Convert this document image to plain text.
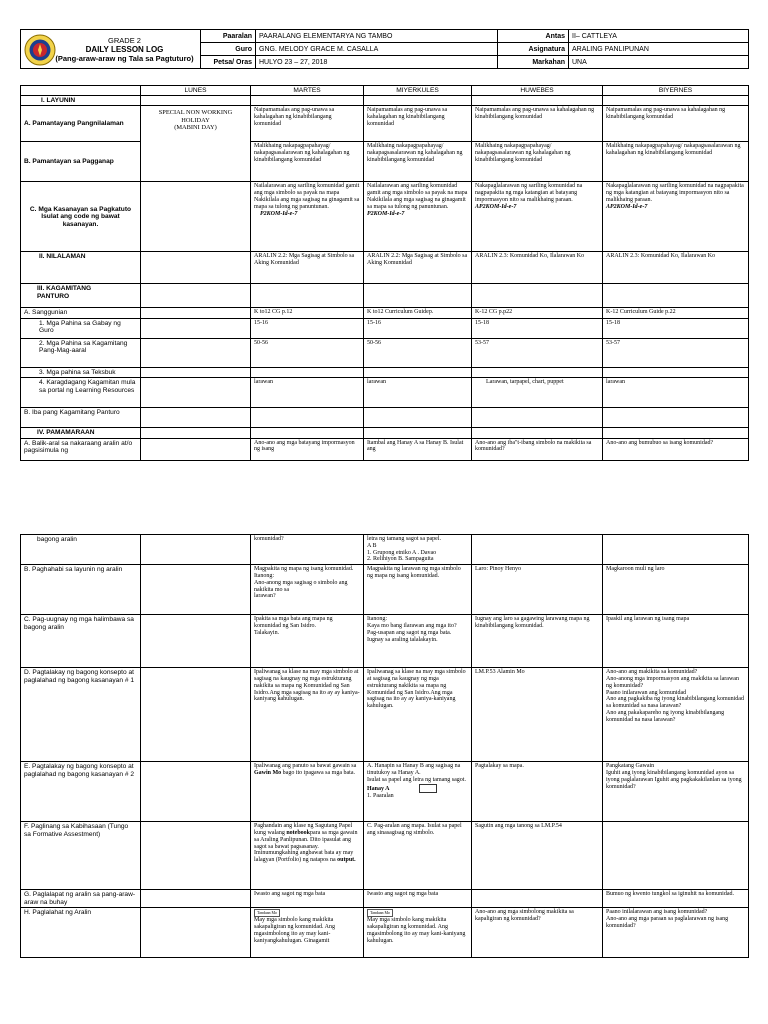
GRADE 2
DAILY LESSON LOG
(Pang-araw-araw ng Tala sa Pagtuturo)	Paaralan	PAARALANG ELEMENTARYA NG TAMBO	Antas	II– CATTLEYA
	Guro	GNG. MELODY GRACE M. CASALLA	Asignatura	ARALING PANLIPUNAN
	Petsa/ Oras	HULYO 23 – 27, 2018	Markahan	UNA
	LUNES	MARTES	MIYERKULES	HUWEBES	BIYERNES
I. LAYUNIN					
A. Pamantayang Pangnilalaman	SPECIAL NON WORKING HOLIDAY
(MABINI DAY)	Naipamamalas ang pag-unawa sa kahalagahan ng kinabibilangang komunidad	Naipamamalas ang pag-unawa sa kahalagahan ng kinabibilangang komunidad	Naipamamalas ang pag-unawa sa kahalagahan ng kinabibilangang komunidad	Naipamamalas ang pag-unawa sa kahalagahan ng kinabibilangang komunidad
B. Pamantayan sa Pagganap		Malikhaing nakapagpapahayag/ nakapagsasalarawan ng kahalagahan ng kinabibilangang komunidad	Malikhaing nakapagpapahayag/ nakapagsasalarawan ng kahalagahan ng kinabibilangang komunidad	Malikhaing nakapagpapahayag/ nakapagsasalarawan ng kahalagahan ng kinabibilangang komunidad	Malikhaing nakapagpapahayag/ nakapagsasalarawan ng kahalagahan ng kinabibilangang komunidad
C. Mga Kasanayan sa Pagkatuto Isulat ang code ng bawat kasanayan.		Nailalarawan ang sariling komunidad gamit ang mga simbolo sa payak na mapa
Nakikilala ang mga sagisag na ginagamit sa mapa sa tulong ng panuntunan.
P2KOM-Id-e-7	Nailalarawan ang sariling komunidad gamit ang mga simbolo sa payak na mapa
Nakikilala ang mga sagisag na ginagamit sa mapa sa tulong ng panuntunan.
P2KOM-Id-e-7	Nakapaglalarawan ng sariling komunidad na nagpapakita ng mga katangian at batayang impormasyon nito sa malikhaing paraan.
AP2KOM-Id-e-7	Nakapaglalarawan ng sariling komunidad na nagpapakita ng mga katangian at batayang impormasyon nito sa malikhaing paraan.
AP2KOM-Id-e-7
II. NILALAMAN		ARALIN 2.2: Mga Sagisag at Simbolo sa Aking Komunidad	ARALIN 2.2: Mga Sagisag at Simbolo sa Aking Komunidad	ARALIN 2.3: Komunidad Ko, Ilalarawan Ko	ARALIN 2.3: Komunidad Ko, Ilalarawan Ko
III. KAGAMITANG PANTURO					
A. Sanggunian		K to12 CG p.12	K to12 Curriculum Guidep.	K-12 CG p.p22	K-12 Curriculum Guide p.22
1. Mga Pahina sa Gabay ng Guro		15-16	15-16	15-18	15-18
2. Mga Pahina sa Kagamitang Pang-Mag-aaral		50-56	50-56	53-57	53-57
3. Mga pahina sa Teksbuk					
4. Karagdagang Kagamitan mula sa portal ng Learning Resources		larawan	larawan	Larawan, tarpapel, chart, puppet	larawan
B. Iba pang Kagamitang Panturo					
IV. PAMAMARAAN					
A. Balik-aral sa nakaraang aralin at/o pagsisimula ng		Ano-ano ang mga batayang impormasyon ng isang	Itambal ang Hanay A sa Hanay B. Isulat ang	Ano-ano ang iba"t-ibang simbolo na makikita sa komunidad?	Ano-ano ang bumubuo sa isang komunidad?
bagong aralin		komunidad?	letra ng tamang sagot sa papel.
A B
1. Grupong etniko A . Davao
2. Relihiyon B. Sampaguita		
B. Paghahabi sa layunin ng aralin		Magpakita ng mapa ng isang komunidad.
Itanong:
Ano-anong mga sagisag o simbolo ang nakikita mo sa
larawan?	Magpakita ng larawan ng mga simbolo ng mapa ng isang komunidad.	Laro: Pinoy Henyo	Magkaroon muli ng laro
C. Pag-uugnay ng mga halimbawa sa bagong aralin		Ipakita sa mga bata ang mapa ng komunidad ng San Isidro.
Talakayin.	Itanong:
Kaya mo bang ilarawan ang mga ito?
Pag-usapan ang sagot ng mga bata.
Iugnay sa araling talalakayin.	Iugnay ang laro sa gagawing larawang mapa ng kinabibilangang komunidad.	Ipaskil ang larawan ng isang mapa
D. Pagtalakay ng bagong konsepto at paglalahad ng bagong kasanayan # 1		Ipaliwanag sa klase na may mga simbolo at sagisag na kaugnay ng mga estrukturang nakikita sa mapa ng Komunidad ng San Isidro.Ang mga sagisag na ito ay ay kaniya-kaniyang kahulugan.	Ipaliwanag sa klase na may mga simbolo at sagisag na kaugnay ng mga estrukturang nakikita sa mapa ng Komunidad ng San Isidro.Ang mga sagisag na ito ay ay kaniya-kaniyang kahulugan.	LM.P.53 Alamin Mo	Ano-ano ang makikita sa komunidad?
Ano-anong mga impormasyon ang makikita sa larawan ng komunidad?
Paano inilarawan ang komunidad
Ano ang pagkakiba ng iyong kinabibilangang komunidad sa komunidad sa nasa larawan?
Ano ang pakakapareho ng iyong kinabibilangang komunidad na nasa larawan?
E. Pagtalakay ng bagong konsepto at paglalahad ng bagong kasanayan # 2		Ipaliwanag ang panuto sa bawat gawain sa Gawin Mo bago ito ipagawa sa mga bata.	A. Hanapin sa Hanay B ang sagisag na
tinutukoy sa Hanay A.
Isulat sa papel ang letra ng tamang sagot.
Hanay A
1. Paaralan	Pagtalakay sa mapa.	Pangkatang Gawain
Iguhit ang iyong kinabibilangang komunidad ayon sa iyong paglalarawan Iguhit ang pagkakakilanlan sa iyong komunidad?
F. Paglinang sa Kabihasaan (Tungo sa Formative Assestment)		Paghandain ang klase ng Sagutang Papel kung walang notebookpara sa mga gawain sa Araling Panlipunan. Dito ipasulat ang sagot sa bawat pagsasanay. Iminumungkahing angbawat bata ay may lalagyan (Portfolio) ng natapos na output.	C. Pag-aralan ang mapa. Isulat sa papel ang sinasagisag ng simbolo.	Sagutin ang mga tanong sa LM.P.54	
G. Paglalapat ng aralin sa pang-araw-araw na buhay		Iwasto ang sagot ng mga bata	Iwasto ang sagot ng mga bata		Bumuo ng kwento tungkol sa iginuhit na komunidad.
H. Paglalahat ng Aralin		Tandaan Mo
May mga simbolo kang makikita sakapaligiran ng komunidad. Ang mgasimbolong ito ay may kani-kaniyangkahulugan. Ginagamit	Tandaan Mo
May mga simbolo kang makikita sakapaligiran ng komunidad. Ang mgasimbolong ito ay may kani-kaniyang kahulugan.	Ano-ano ang mga simbolong makikita sa kapaligiran ng komunidad?	Paano inilalarawan ang isang komunidad?
Ano-ano ang mga paraan sa paglalarawan ng isang komunidad?
